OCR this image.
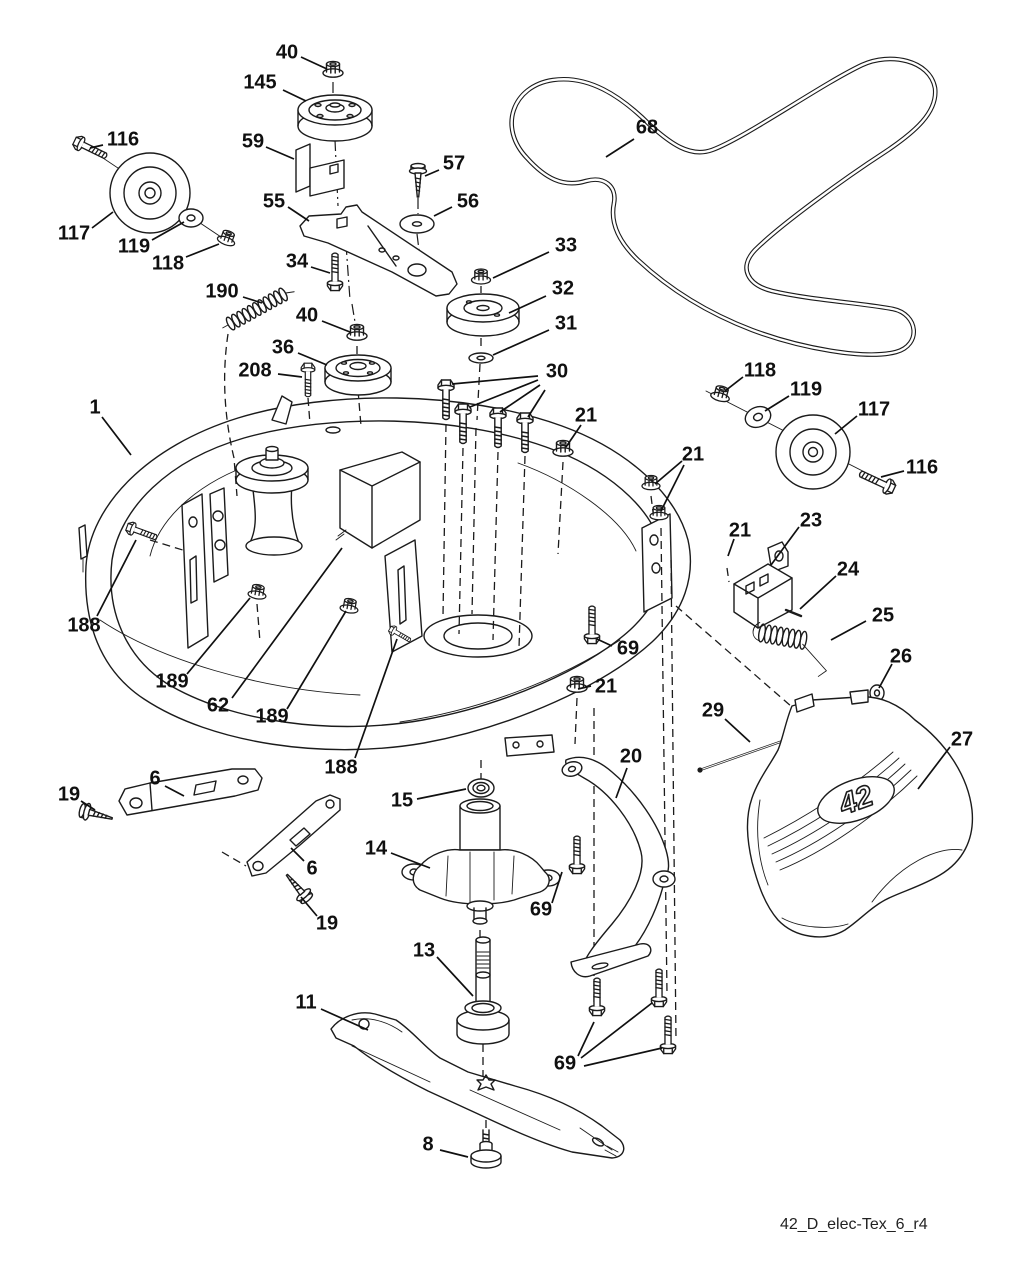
42
40
145
116
117
119
118
59
55
34
190
40
36
208
1
57
56
68
33
32
31
30
21
118
119
117
116
21
23
21
24
25
26
29
27
188
189
62 189
188
69
21
20
15
14
69
13
11
8
69
19
6
6
19
42_D_elec-Tex_6_r4
